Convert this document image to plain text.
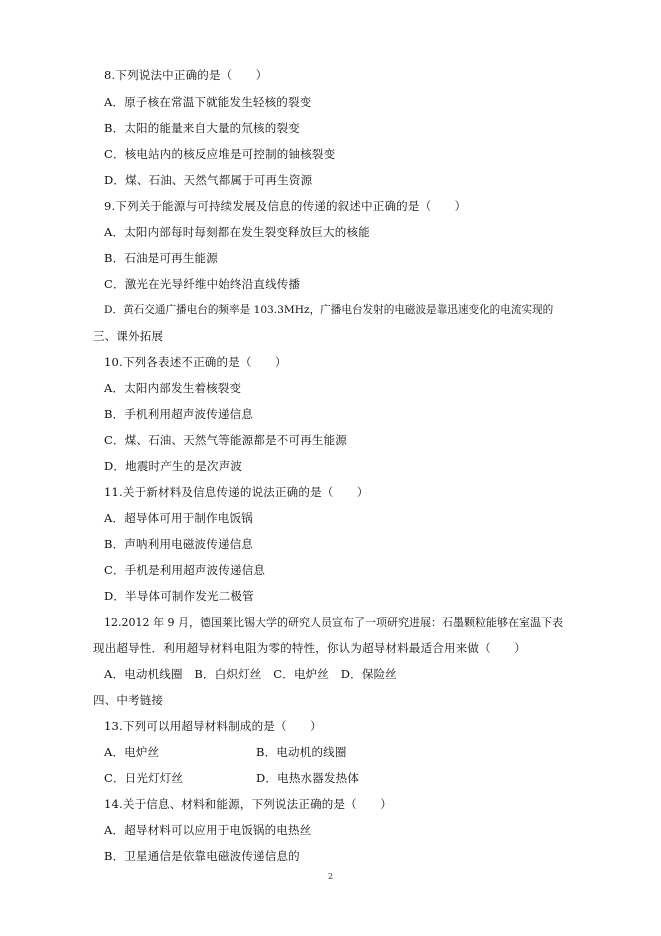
8.下列说法中正确的是（　　）
A．原子核在常温下就能发生轻核的裂变
B．太阳的能量来自大量的氘核的裂变
C．核电站内的核反应堆是可控制的铀核裂变
D．煤、石油、天然气都属于可再生资源
9.下列关于能源与可持续发展及信息的传递的叙述中正确的是（　　）
A．太阳内部每时每刻都在发生裂变释放巨大的核能
B．石油是可再生能源
C．激光在光导纤维中始终沿直线传播
D．黄石交通广播电台的频率是 103.3MHz，广播电台发射的电磁波是靠迅速变化的电流实现的
三、课外拓展
10.下列各表述不正确的是（　　）
A．太阳内部发生着核裂变
B．手机利用超声波传递信息
C．煤、石油、天然气等能源都是不可再生能源
D．地震时产生的是次声波
11.关于新材料及信息传递的说法正确的是（　　）
A．超导体可用于制作电饭锅
B．声呐利用电磁波传递信息
C．手机是利用超声波传递信息
D．半导体可制作发光二极管
12.2012 年 9 月，德国莱比锡大学的研究人员宣布了一项研究进展：石墨颗粒能够在室温下表
现出超导性．利用超导材料电阻为零的特性，你认为超导材料最适合用来做（　　）
A．电动机线圈　B．白炽灯丝　C．电炉丝　D．保险丝
四、中考链接
13.下列可以用超导材料制成的是（　　）
A．电炉丝	B．电动机的线圈
C．日光灯灯丝	D．电热水器发热体
14.关于信息、材料和能源，下列说法正确的是（　　）
A．超导材料可以应用于电饭锅的电热丝
B．卫星通信是依靠电磁波传递信息的
2
